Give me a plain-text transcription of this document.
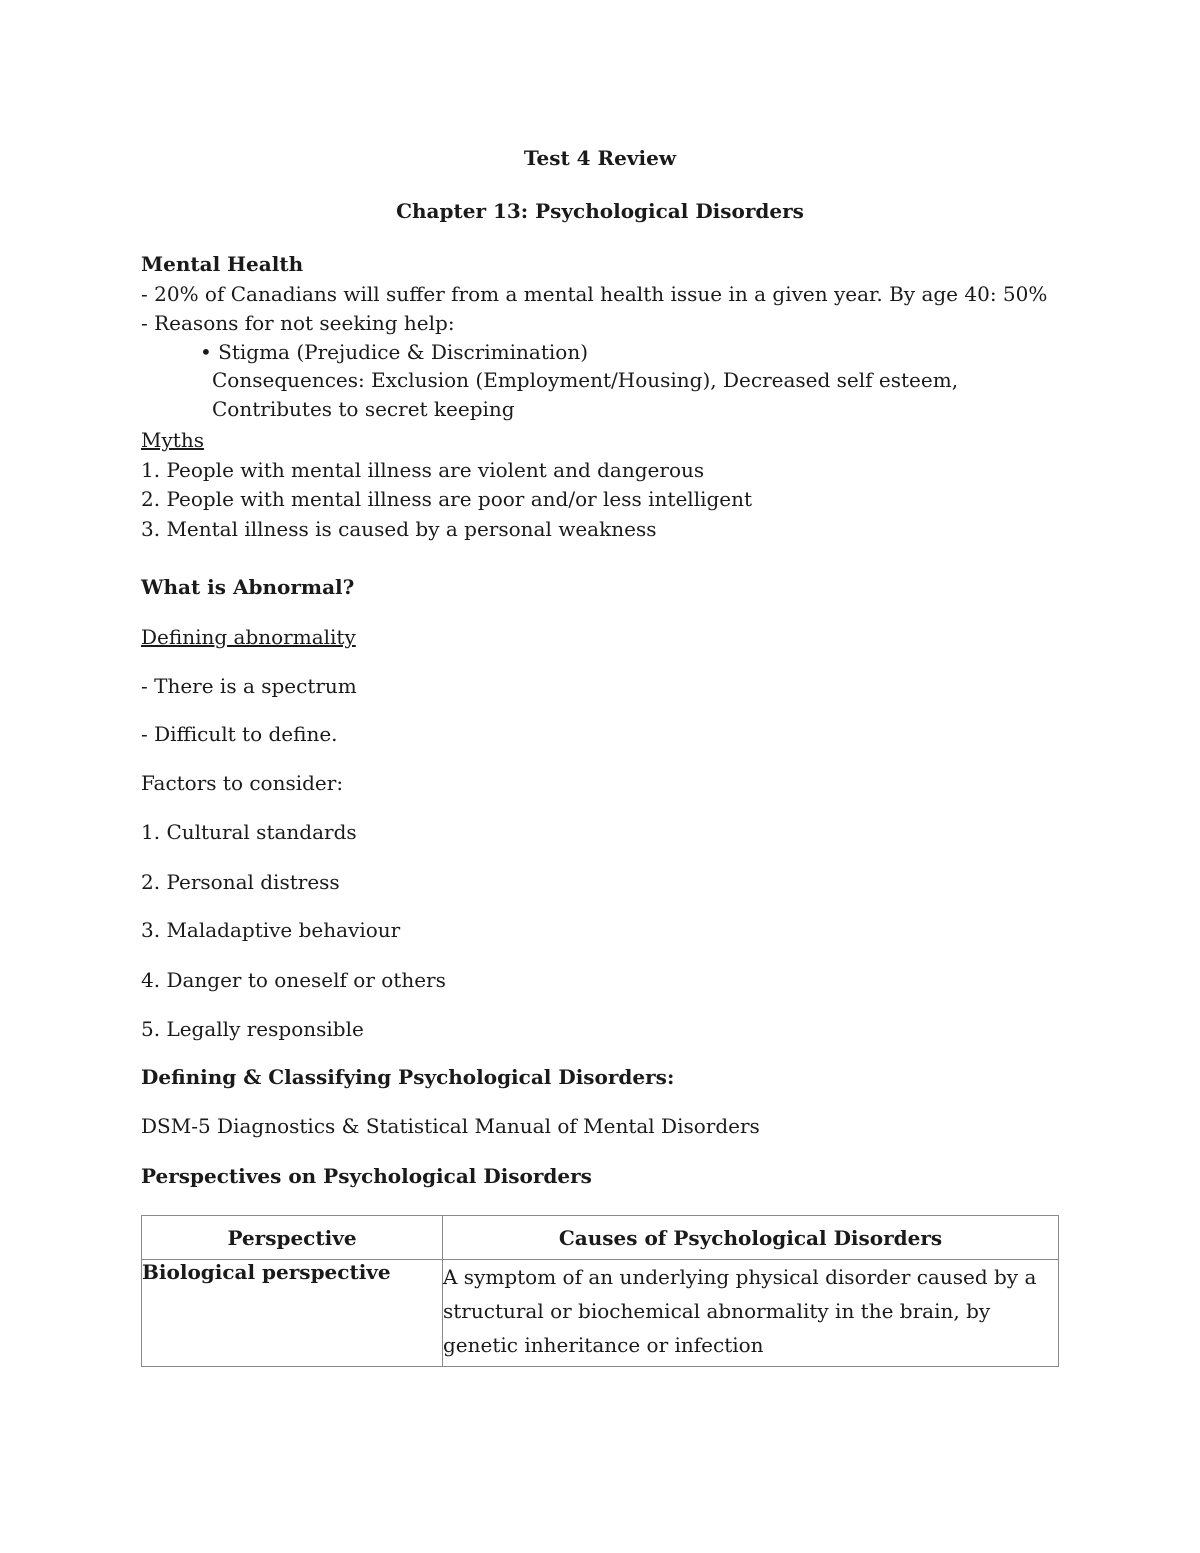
Test 4 Review
Chapter 13: Psychological Disorders
Mental Health
- 20% of Canadians will suffer from a mental health issue in a given year. By age 40: 50%
- Reasons for not seeking help:
• Stigma (Prejudice & Discrimination)
Consequences: Exclusion (Employment/Housing), Decreased self esteem, Contributes to secret keeping
Myths
1. People with mental illness are violent and dangerous
2. People with mental illness are poor and/or less intelligent
3. Mental illness is caused by a personal weakness
What is Abnormal?
Defining abnormality
- There is a spectrum
- Difficult to define.
Factors to consider:
1. Cultural standards
2. Personal distress
3. Maladaptive behaviour
4. Danger to oneself or others
5. Legally responsible
Defining & Classifying Psychological Disorders:
DSM-5 Diagnostics & Statistical Manual of Mental Disorders
Perspectives on Psychological Disorders
Perspective	Causes of Psychological Disorders
Biological perspective	A symptom of an underlying physical disorder caused by a structural or biochemical abnormality in the brain, by genetic inheritance or infection
